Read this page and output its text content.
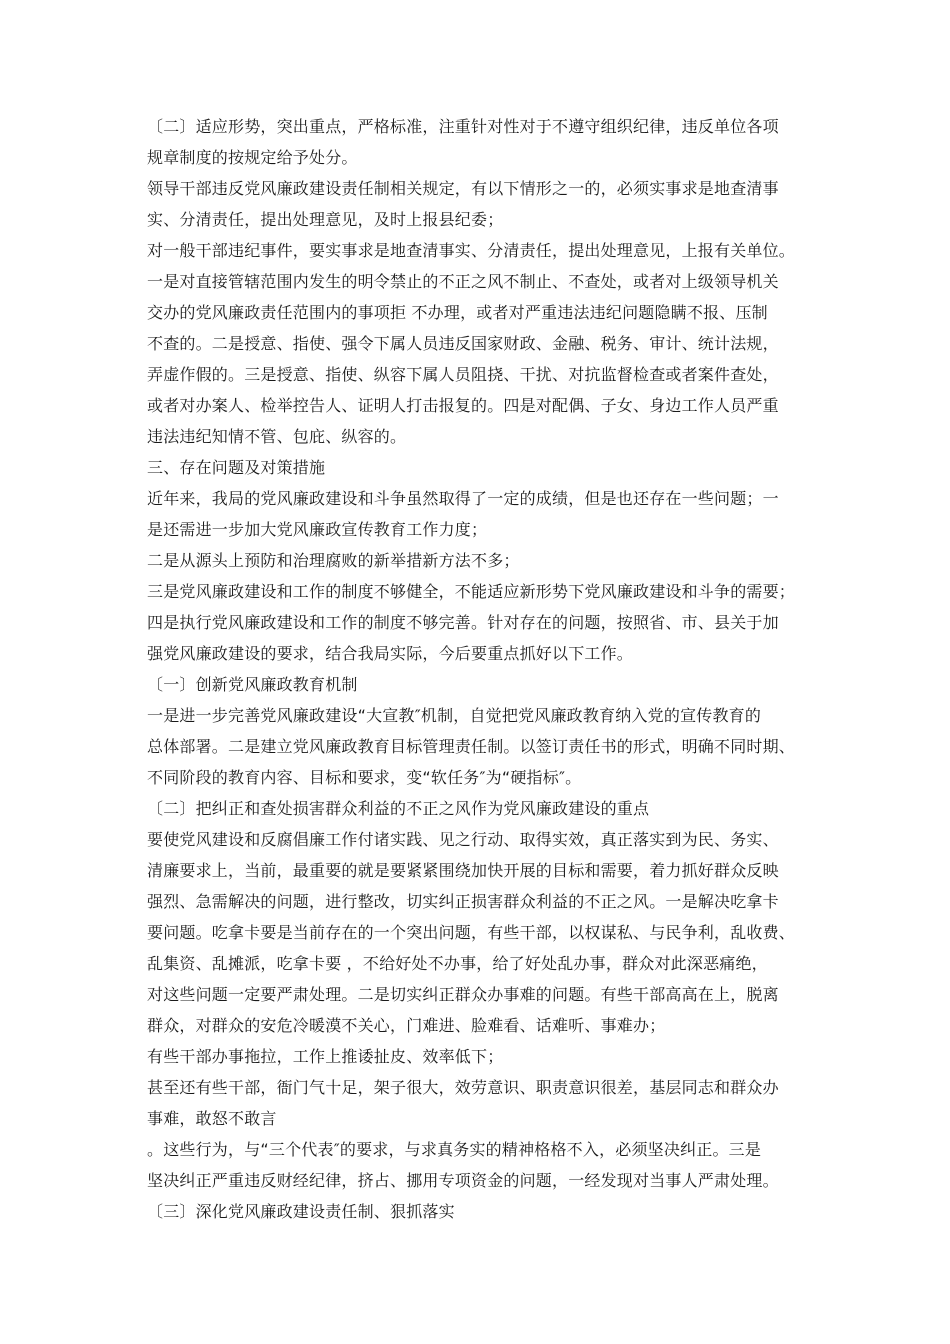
〔二〕适应形势，突出重点，严格标准，注重针对性对于不遵守组织纪律，违反单位各项
规章制度的按规定给予处分。
领导干部违反党风廉政建设责任制相关规定，有以下情形之一的，必须实事求是地查清事
实、分清责任，提出处理意见，及时上报县纪委；
对一般干部违纪事件，要实事求是地查清事实、分清责任，提出处理意见，上报有关单位。
一是对直接管辖范围内发生的明令禁止的不正之风不制止、不查处，或者对上级领导机关
交办的党风廉政责任范围内的事项拒 不办理，或者对严重违法违纪问题隐瞒不报、压制
不查的。二是授意、指使、强令下属人员违反国家财政、金融、税务、审计、统计法规，
弄虚作假的。三是授意、指使、纵容下属人员阻挠、干扰、对抗监督检查或者案件查处，
或者对办案人、检举控告人、证明人打击报复的。四是对配偶、子女、身边工作人员严重
违法违纪知情不管、包庇、纵容的。
三、存在问题及对策措施
近年来，我局的党风廉政建设和斗争虽然取得了一定的成绩，但是也还存在一些问题；一
是还需进一步加大党风廉政宣传教育工作力度；
二是从源头上预防和治理腐败的新举措新方法不多；
三是党风廉政建设和工作的制度不够健全，不能适应新形势下党风廉政建设和斗争的需要；
四是执行党风廉政建设和工作的制度不够完善。针对存在的问题，按照省、市、县关于加
强党风廉政建设的要求，结合我局实际，今后要重点抓好以下工作。
〔一〕创新党风廉政教育机制
一是进一步完善党风廉政建设“大宣教″机制，自觉把党风廉政教育纳入党的宣传教育的
总体部署。二是建立党风廉政教育目标管理责任制。以签订责任书的形式，明确不同时期、
不同阶段的教育内容、目标和要求，变“软任务″为“硬指标″。
〔二〕把纠正和查处损害群众利益的不正之风作为党风廉政建设的重点
要使党风建设和反腐倡廉工作付诸实践、见之行动、取得实效，真正落实到为民、务实、
清廉要求上，当前，最重要的就是要紧紧围绕加快开展的目标和需要，着力抓好群众反映
强烈、急需解决的问题，进行整改，切实纠正损害群众利益的不正之风。一是解决吃拿卡
要问题。吃拿卡要是当前存在的一个突出问题，有些干部，以权谋私、与民争利，乱收费、
乱集资、乱摊派，吃拿卡要 ，不给好处不办事，给了好处乱办事，群众对此深恶痛绝，
对这些问题一定要严肃处理。二是切实纠正群众办事难的问题。有些干部高高在上，脱离
群众，对群众的安危冷暖漠不关心，门难进、脸难看、话难听、事难办；
有些干部办事拖拉，工作上推诿扯皮、效率低下；
甚至还有些干部，衙门气十足，架子很大，效劳意识、职责意识很差，基层同志和群众办
事难，敢怒不敢言
。这些行为，与“三个代表″的要求，与求真务实的精神格格不入，必须坚决纠正。三是
坚决纠正严重违反财经纪律，挤占、挪用专项资金的问题，一经发现对当事人严肃处理。
〔三〕深化党风廉政建设责任制、狠抓落实
